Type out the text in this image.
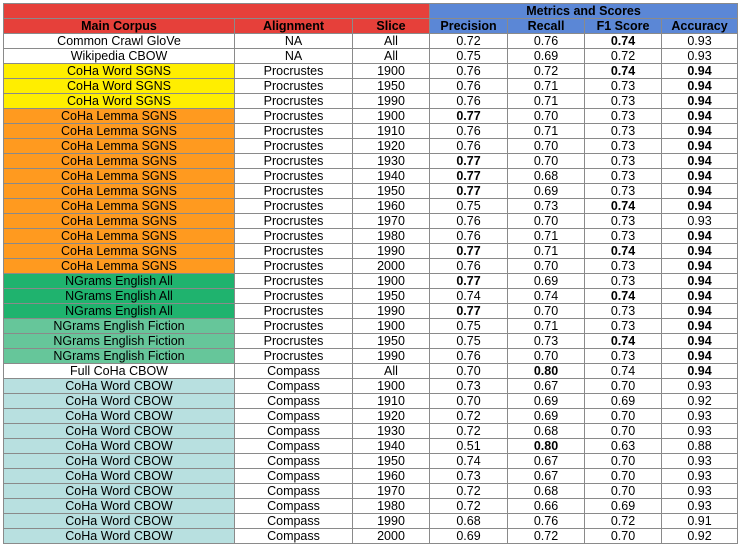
			Metrics and Scores			
Main Corpus	Alignment	Slice	Precision	Recall	F1 Score	Accuracy
Common Crawl GloVe	NA	All	0.72	0.76	0.74	0.93
Wikipedia CBOW	NA	All	0.75	0.69	0.72	0.93
CoHa Word SGNS	Procrustes	1900	0.76	0.72	0.74	0.94
CoHa Word SGNS	Procrustes	1950	0.76	0.71	0.73	0.94
CoHa Word SGNS	Procrustes	1990	0.76	0.71	0.73	0.94
CoHa Lemma SGNS	Procrustes	1900	0.77	0.70	0.73	0.94
CoHa Lemma SGNS	Procrustes	1910	0.76	0.71	0.73	0.94
CoHa Lemma SGNS	Procrustes	1920	0.76	0.70	0.73	0.94
CoHa Lemma SGNS	Procrustes	1930	0.77	0.70	0.73	0.94
CoHa Lemma SGNS	Procrustes	1940	0.77	0.68	0.73	0.94
CoHa Lemma SGNS	Procrustes	1950	0.77	0.69	0.73	0.94
CoHa Lemma SGNS	Procrustes	1960	0.75	0.73	0.74	0.94
CoHa Lemma SGNS	Procrustes	1970	0.76	0.70	0.73	0.93
CoHa Lemma SGNS	Procrustes	1980	0.76	0.71	0.73	0.94
CoHa Lemma SGNS	Procrustes	1990	0.77	0.71	0.74	0.94
CoHa Lemma SGNS	Procrustes	2000	0.76	0.70	0.73	0.94
NGrams English All	Procrustes	1900	0.77	0.69	0.73	0.94
NGrams English All	Procrustes	1950	0.74	0.74	0.74	0.94
NGrams English All	Procrustes	1990	0.77	0.70	0.73	0.94
NGrams English Fiction	Procrustes	1900	0.75	0.71	0.73	0.94
NGrams English Fiction	Procrustes	1950	0.75	0.73	0.74	0.94
NGrams English Fiction	Procrustes	1990	0.76	0.70	0.73	0.94
Full CoHa CBOW	Compass	All	0.70	0.80	0.74	0.94
CoHa Word CBOW	Compass	1900	0.73	0.67	0.70	0.93
CoHa Word CBOW	Compass	1910	0.70	0.69	0.69	0.92
CoHa Word CBOW	Compass	1920	0.72	0.69	0.70	0.93
CoHa Word CBOW	Compass	1930	0.72	0.68	0.70	0.93
CoHa Word CBOW	Compass	1940	0.51	0.80	0.63	0.88
CoHa Word CBOW	Compass	1950	0.74	0.67	0.70	0.93
CoHa Word CBOW	Compass	1960	0.73	0.67	0.70	0.93
CoHa Word CBOW	Compass	1970	0.72	0.68	0.70	0.93
CoHa Word CBOW	Compass	1980	0.72	0.66	0.69	0.93
CoHa Word CBOW	Compass	1990	0.68	0.76	0.72	0.91
CoHa Word CBOW	Compass	2000	0.69	0.72	0.70	0.92
